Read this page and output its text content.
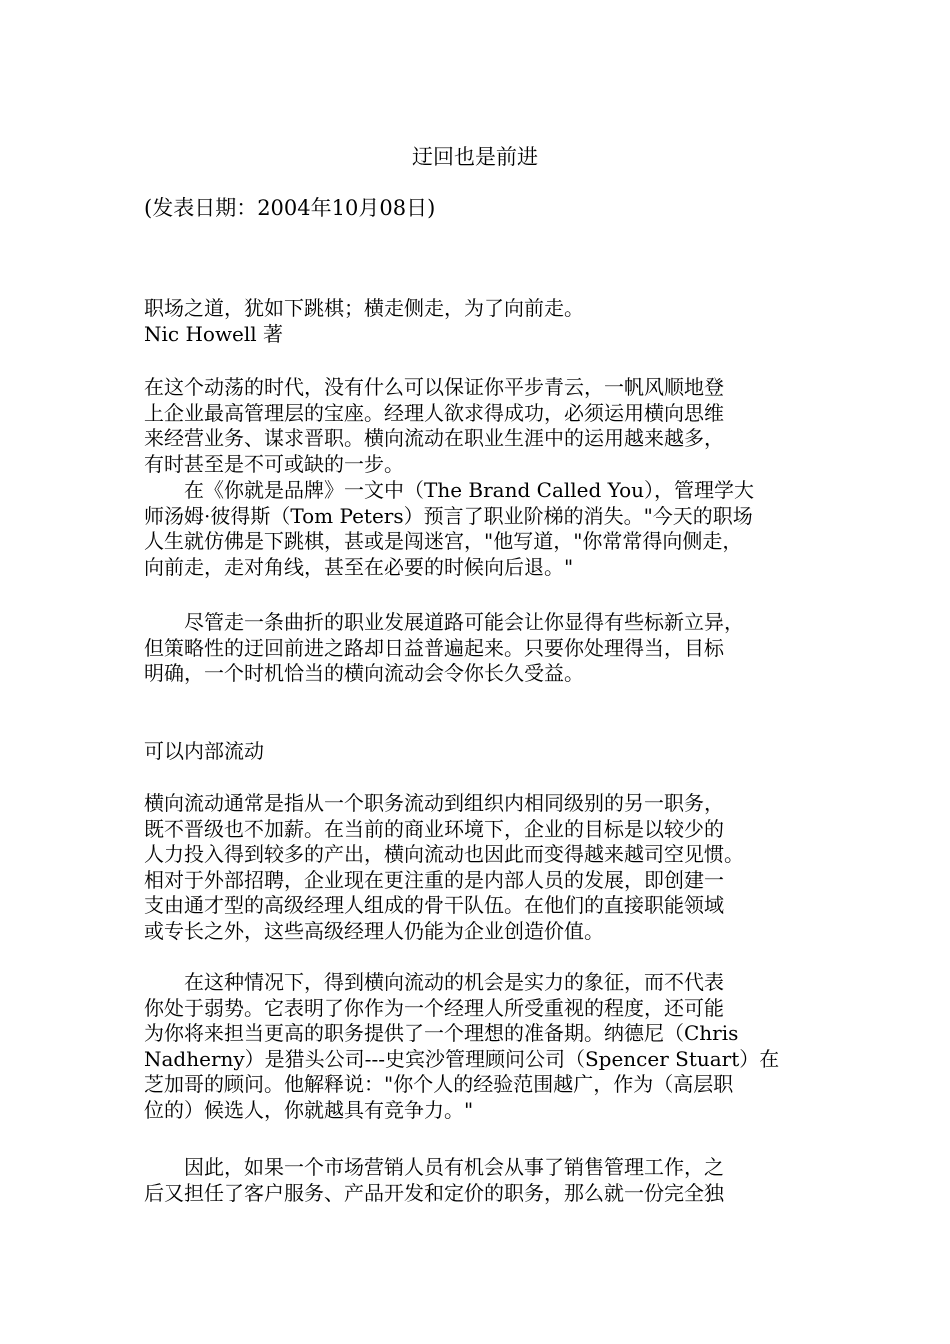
迂回也是前进
(发表日期：2004年10月08日)
职场之道，犹如下跳棋；横走侧走，为了向前走。
Nic Howell 著
在这个动荡的时代，没有什么可以保证你平步青云，一帆风顺地登
上企业最高管理层的宝座。经理人欲求得成功，必须运用横向思维
来经营业务、谋求晋职。横向流动在职业生涯中的运用越来越多，
有时甚至是不可或缺的一步。
　　在《你就是品牌》一文中（The Brand Called You），管理学大
师汤姆·彼得斯（Tom Peters）预言了职业阶梯的消失。"今天的职场
人生就仿佛是下跳棋，甚或是闯迷宫，"他写道，"你常常得向侧走，
向前走，走对角线，甚至在必要的时候向后退。"
　　尽管走一条曲折的职业发展道路可能会让你显得有些标新立异，
但策略性的迂回前进之路却日益普遍起来。只要你处理得当，目标
明确，一个时机恰当的横向流动会令你长久受益。
可以内部流动
横向流动通常是指从一个职务流动到组织内相同级别的另一职务，
既不晋级也不加薪。在当前的商业环境下，企业的目标是以较少的
人力投入得到较多的产出，横向流动也因此而变得越来越司空见惯。
相对于外部招聘，企业现在更注重的是内部人员的发展，即创建一
支由通才型的高级经理人组成的骨干队伍。在他们的直接职能领域
或专长之外，这些高级经理人仍能为企业创造价值。
　　在这种情况下，得到横向流动的机会是实力的象征，而不代表
你处于弱势。它表明了你作为一个经理人所受重视的程度，还可能
为你将来担当更高的职务提供了一个理想的准备期。纳德尼（Chris
Nadherny）是猎头公司---史宾沙管理顾问公司（Spencer Stuart）在
芝加哥的顾问。他解释说："你个人的经验范围越广，作为（高层职
位的）候选人，你就越具有竞争力。"
　　因此，如果一个市场营销人员有机会从事了销售管理工作，之
后又担任了客户服务、产品开发和定价的职务，那么就一份完全独
